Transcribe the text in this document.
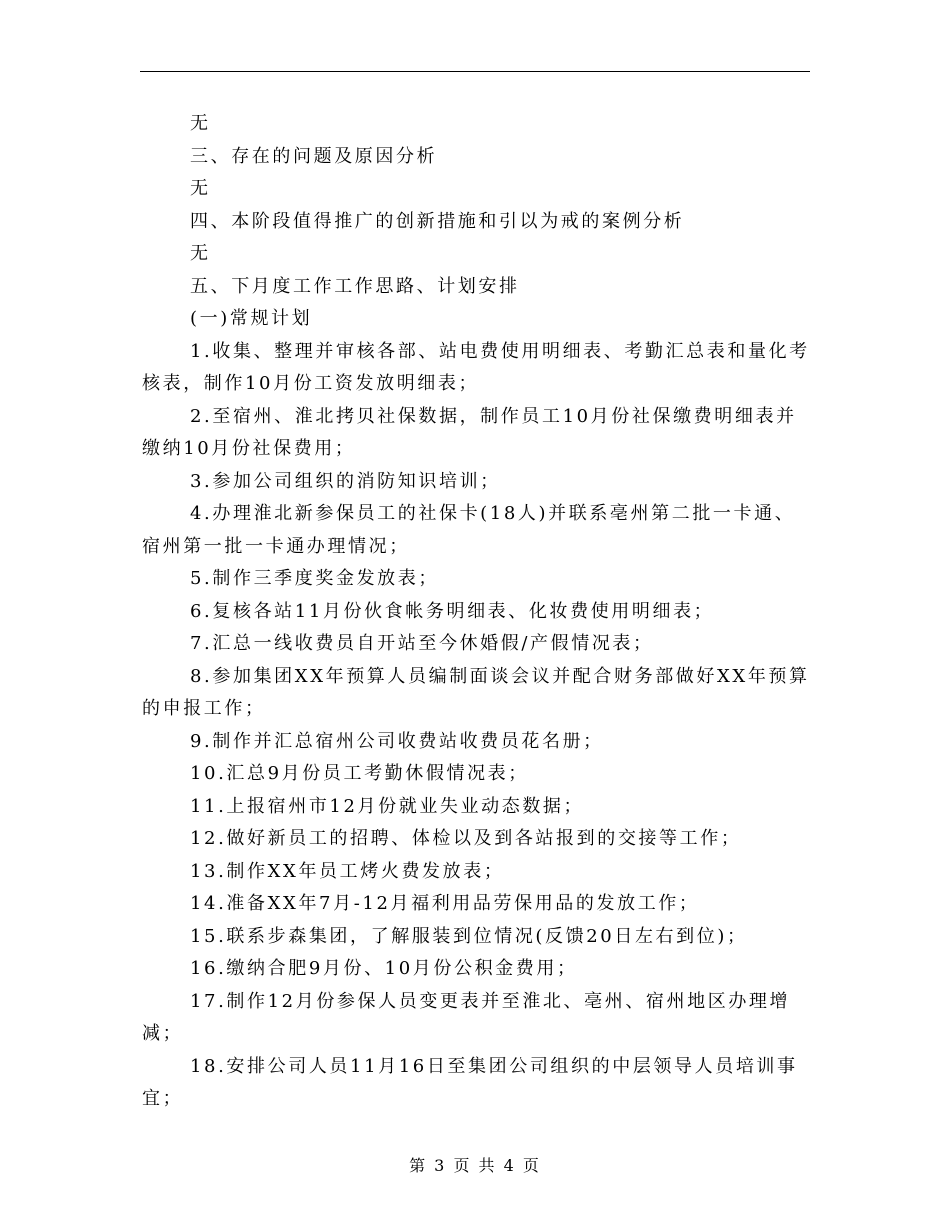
无

三、存在的问题及原因分析

无

四、本阶段值得推广的创新措施和引以为戒的案例分析

无

五、下月度工作工作思路、计划安排

(一)常规计划

1.收集、整理并审核各部、站电费使用明细表、考勤汇总表和量化考核表，制作10月份工资发放明细表；

2.至宿州、淮北拷贝社保数据，制作员工10月份社保缴费明细表并缴纳10月份社保费用；

3.参加公司组织的消防知识培训；

4.办理淮北新参保员工的社保卡(18人)并联系亳州第二批一卡通、宿州第一批一卡通办理情况；

5.制作三季度奖金发放表；

6.复核各站11月份伙食帐务明细表、化妆费使用明细表；

7.汇总一线收费员自开站至今休婚假/产假情况表；

8.参加集团XX年预算人员编制面谈会议并配合财务部做好XX年预算的申报工作；

9.制作并汇总宿州公司收费站收费员花名册；

10.汇总9月份员工考勤休假情况表；

11.上报宿州市12月份就业失业动态数据；

12.做好新员工的招聘、体检以及到各站报到的交接等工作；

13.制作XX年员工烤火费发放表；

14.准备XX年7月-12月福利用品劳保用品的发放工作；

15.联系步森集团，了解服装到位情况(反馈20日左右到位)；

16.缴纳合肥9月份、10月份公积金费用；

17.制作12月份参保人员变更表并至淮北、亳州、宿州地区办理增减；

18.安排公司人员11月16日至集团公司组织的中层领导人员培训事宜；

第 3 页 共 4 页
